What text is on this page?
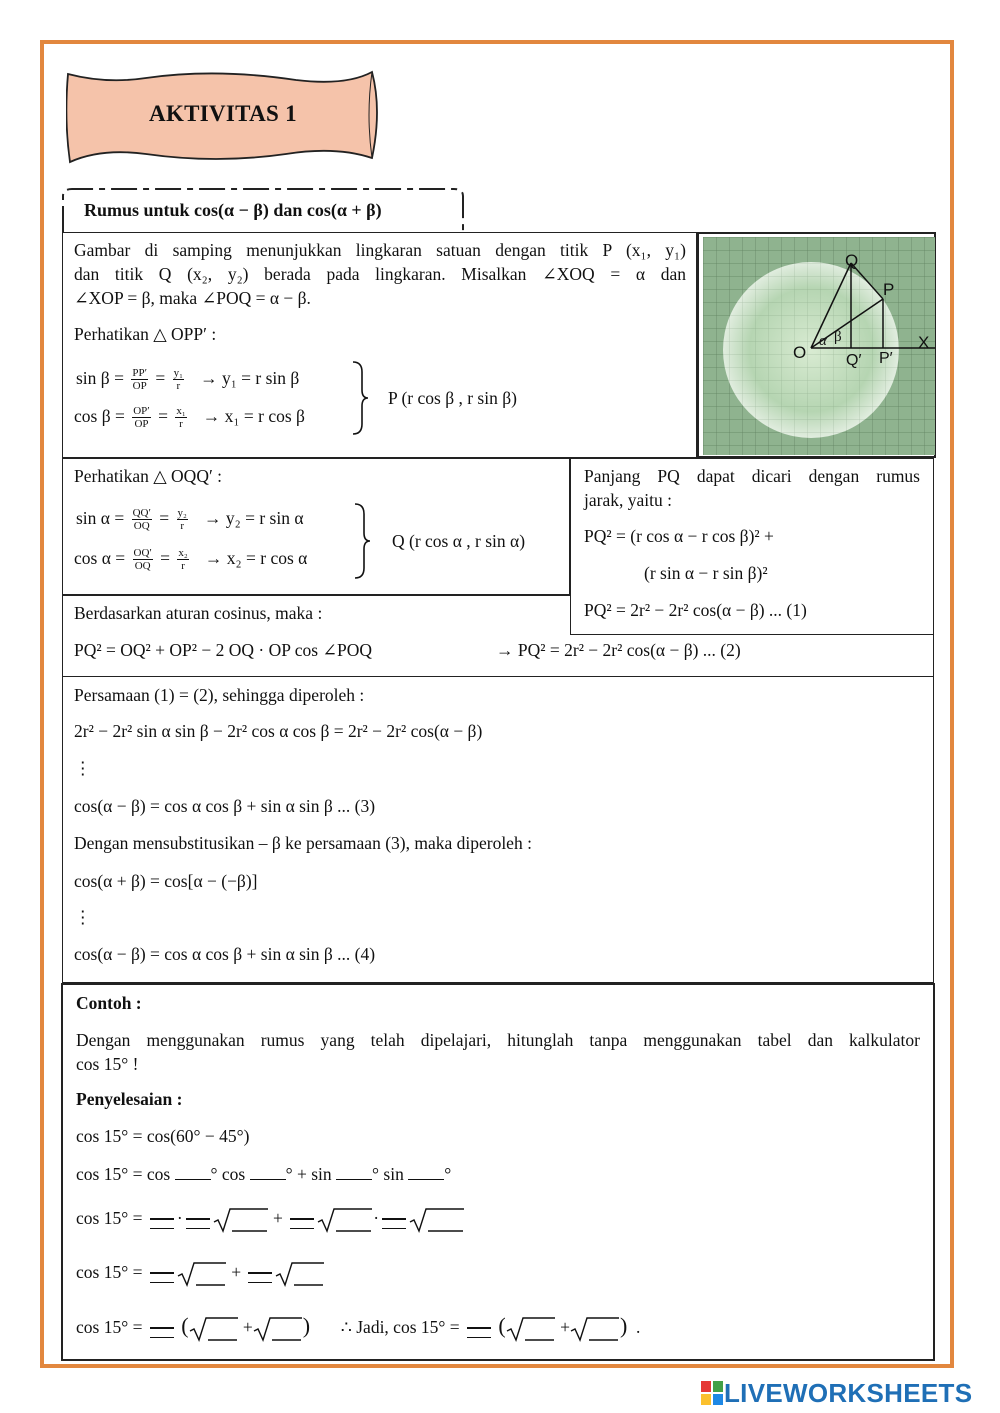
AKTIVITAS 1
Rumus untuk cos(α − β) dan cos(α + β)
Gambar di samping menunjukkan lingkaran satuan dengan titik P (x₁, y₁)
dan titik Q (x₂, y₂) berada pada lingkaran. Misalkan ∠XOQ = α dan
∠XOP = β, maka ∠POQ = α − β.
Perhatikan △ OPP′ :
$\sin \beta = \frac{PP'}{OP} = \frac{\text{y₁}}{r} \to y_1 = r$ sin β
$\cos \beta = \frac{OP'}{OP} = \frac{\text{x₁}}{r} \to x_1 = r$ cos β
P (r cos β , r sin β)
Q
P
O
X
Q′ P′
α β
Perhatikan △ OQQ′ :
$\sin \alpha = \frac{QQ'}{OQ} = \frac{\text{y₂}}{r} \to y_2 = r$ sin α
$\cos \alpha = \frac{OQ'}{OQ} = \frac{\text{x₂}}{r} \to x_2 = r$ cos α
Q (r cos α , r sin α)
Panjang PQ dapat dicari dengan rumus
jarak, yaitu :
PQ² = (r cos α − r cos β)² +
(r sin α − r sin β)²
PQ² = 2r² − 2r² cos(α − β) ... (1)
Berdasarkan aturan cosinus, maka :
PQ² = OQ² + OP² − 2 OQ · OP cos ∠POQ	→ PQ² = 2r² − 2r² cos(α − β) ... (2)
Persamaan (1) = (2), sehingga diperoleh :
2r² − 2r² sin α sin β − 2r² cos α cos β = 2r² − 2r² cos(α − β)
⋮
cos(α − β) = cos α cos β + sin α sin β ... (3)
Dengan mensubstitusikan – β ke persamaan (3), maka diperoleh :
cos(α + β) = cos[α − (−β)]
⋮
cos(α − β) = cos α cos β + sin α sin β ... (4)
Contoh :
Dengan menggunakan rumus yang telah dipelajari, hitunglah tanpa menggunakan tabel dan kalkulator
cos 15° !
Penyelesaian :
cos 15° = cos(60° − 45°)
cos 15° = cos ° cos ° + sin ° sin °
cos 15° = ·	+	·
cos 15° =	+
cos 15° = (	+ ) ∴ Jadi, cos 15° = (	+ ) .
LIVEWORKSHEETS
